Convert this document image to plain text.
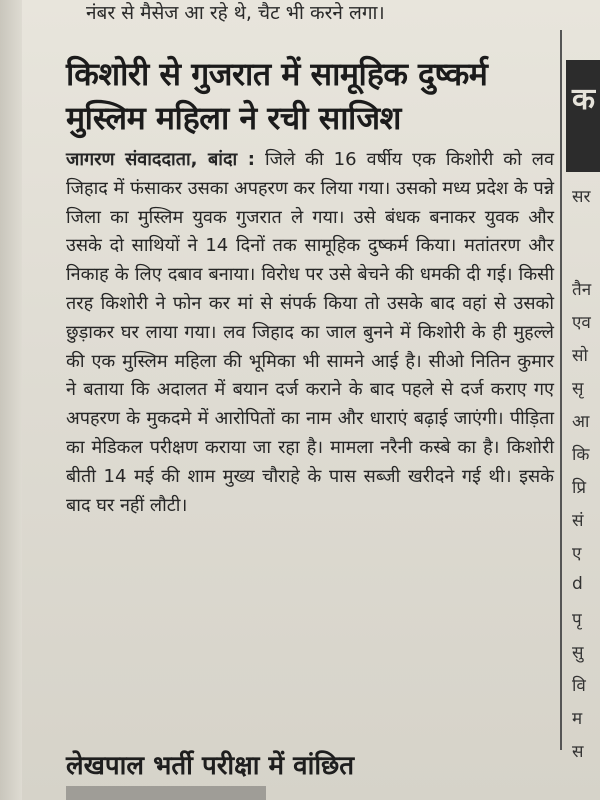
नंबर से मैसेज आ रहे थे, चैट भी करने लगा।
किशोरी से गुजरात में सामूहिक दुष्कर्म
मुस्लिम महिला ने रची साजिश

जागरण संवाददाता, बांदा : जिले की 16 वर्षीय एक किशोरी को लव जिहाद में फंसाकर उसका अपहरण कर लिया गया। उसको मध्य प्रदेश के पन्ने जिला का मुस्लिम युवक गुजरात ले गया। उसे बंधक बनाकर युवक और उसके दो साथियों ने 14 दिनों तक सामूहिक दुष्कर्म किया। मतांतरण और निकाह के लिए दबाव बनाया। विरोध पर उसे बेचने की धमकी दी गई। किसी तरह किशोरी ने फोन कर मां से संपर्क किया तो उसके बाद वहां से उसको छुड़ाकर घर लाया गया। लव जिहाद का जाल बुनने में किशोरी के ही मुहल्ले की एक मुस्लिम महिला की भूमिका भी सामने आई है। सीओ नितिन कुमार ने बताया कि अदालत में बयान दर्ज कराने के बाद पहले से दर्ज कराए गए अपहरण के मुकदमे में आरोपितों का नाम और धाराएं बढ़ाई जाएंगी। पीड़िता का मेडिकल परीक्षण कराया जा रहा है। मामला नरैनी कस्बे का है। किशोरी बीती 14 मई की शाम मुख्य चौराहे के पास सब्जी खरीदने गई थी। इसके बाद घर नहीं लौटी।

क
सर
तैन
एव
सो
सृ
आ
कि
प्रि
सं
ए
d
पृ
सु
वि
म
स
लेखपाल भर्ती परीक्षा में वांछित
